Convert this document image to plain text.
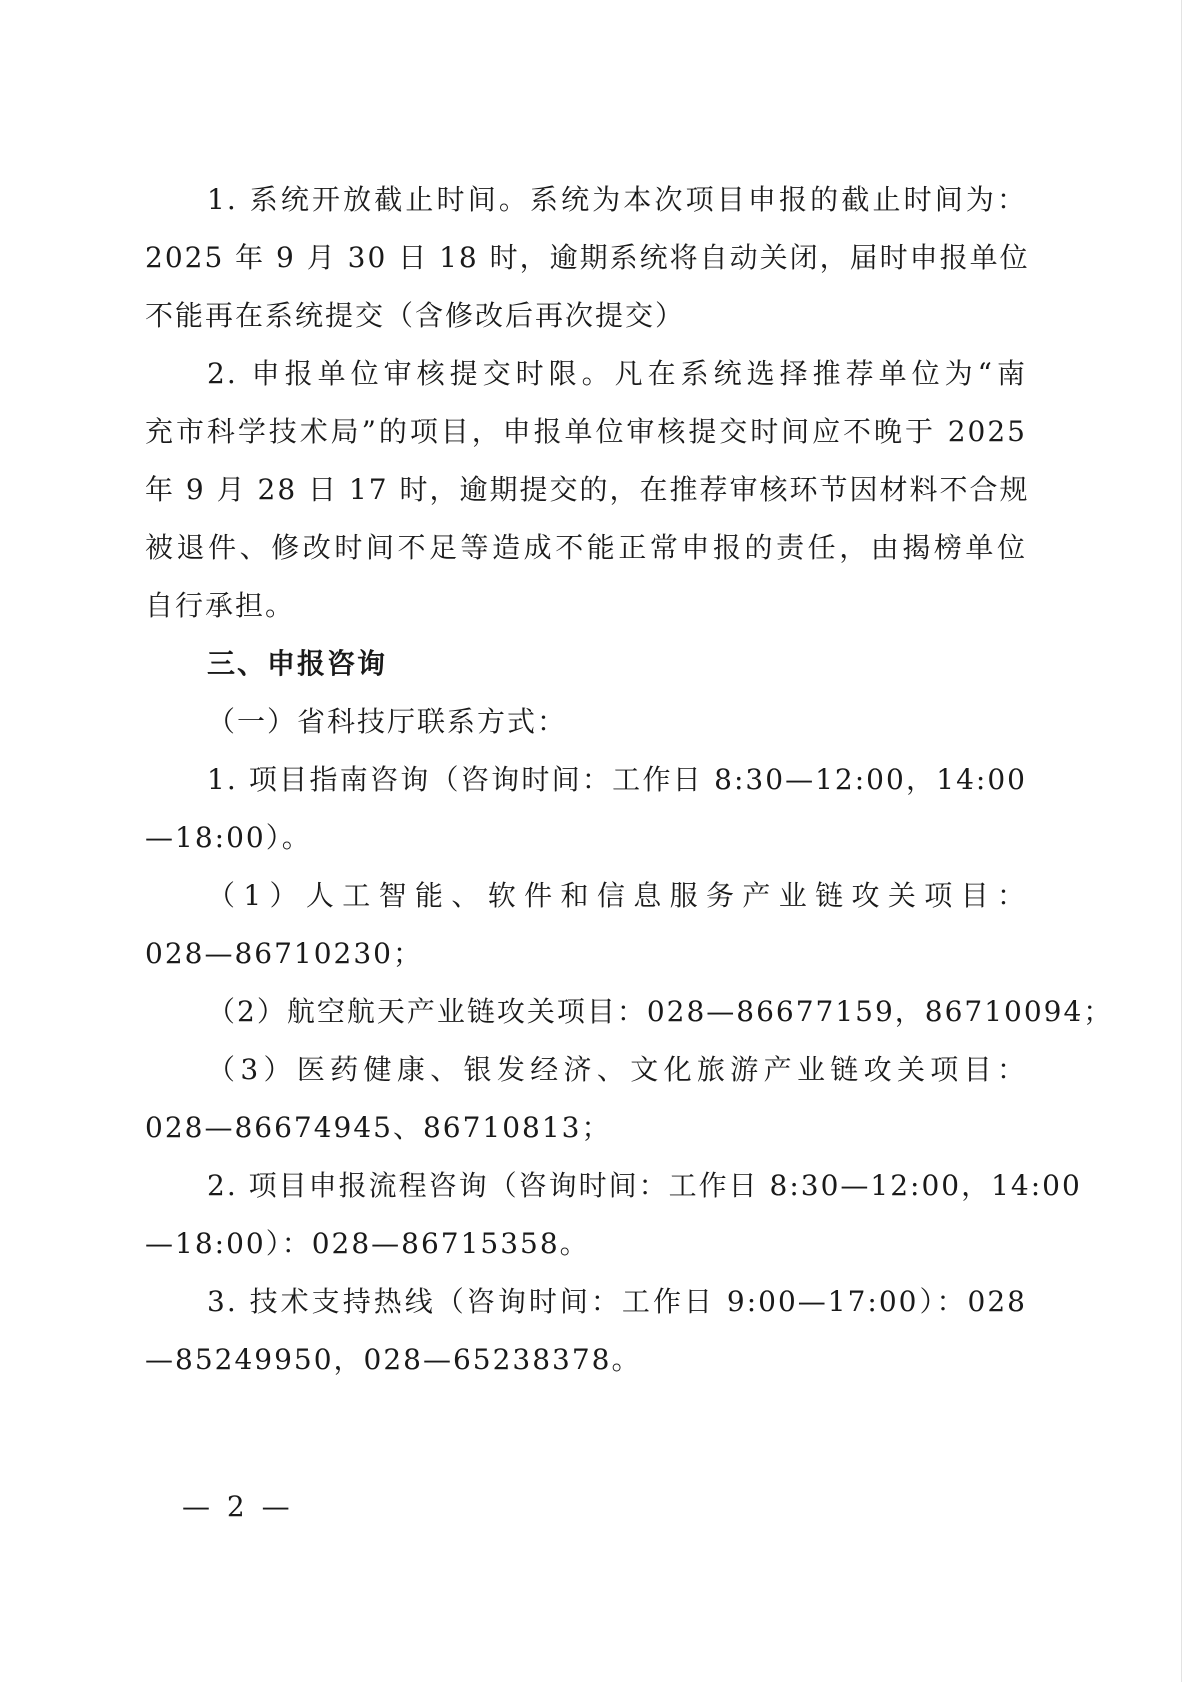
1. 系统开放截止时间。系统为本次项目申报的截止时间为：
2025 年 9 月 30 日 18 时，逾期系统将自动关闭，届时申报单位
不能再在系统提交（含修改后再次提交）
2. 申报单位审核提交时限。凡在系统选择推荐单位为“南
充市科学技术局”的项目，申报单位审核提交时间应不晚于 2025
年 9 月 28 日 17 时，逾期提交的，在推荐审核环节因材料不合规
被退件、修改时间不足等造成不能正常申报的责任，由揭榜单位
自行承担。
三、申报咨询
（一）省科技厅联系方式：
1. 项目指南咨询（咨询时间：工作日 8:30—12:00，14:00
—18:00）。
（1）人工智能、软件和信息服务产业链攻关项目：
028—86710230；
（2）航空航天产业链攻关项目：028—86677159，86710094；
（3）医药健康、银发经济、文化旅游产业链攻关项目：
028—86674945、86710813；
2. 项目申报流程咨询（咨询时间：工作日 8:30—12:00，14:00
—18:00）：028—86715358。
3. 技术支持热线（咨询时间：工作日 9:00—17:00）：028
—85249950，028—65238378。
— 2 —
